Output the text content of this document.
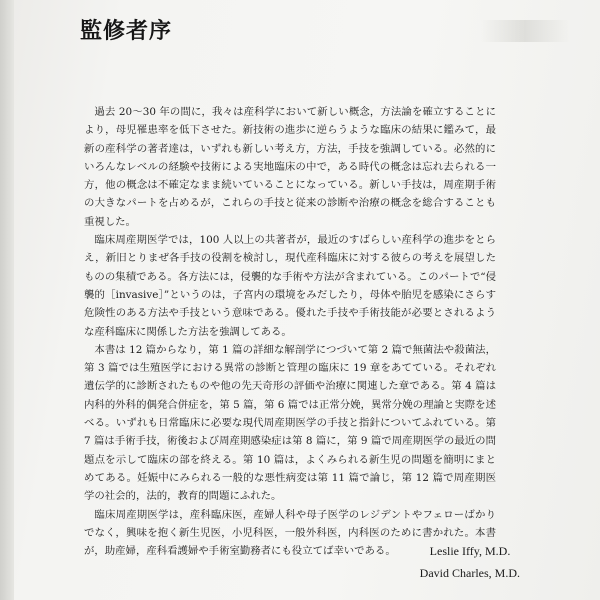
監修者序

過去 20〜30 年の間に，我々は産科学において新しい概念，方法論を確立することにより，母児罹患率を低下させた。新技術の進歩に逆らうような臨床の結果に鑑みて，最新の産科学の著者達は，いずれも新しい考え方，方法，手技を強調している。必然的にいろんなレベルの経験や技術による実地臨床の中で，ある時代の概念は忘れ去られる一方，他の概念は不確定なまま続いていることになっている。新しい手技は，周産期手術の大きなパートを占めるが，これらの手技と従来の診断や治療の概念を総合することも重視した。

臨床周産期医学では，100 人以上の共著者が，最近のすばらしい産科学の進歩をとらえ，新旧とりまぜ各手技の役割を検討し，現代産科臨床に対する彼らの考えを展望したものの集積である。各方法には，侵襲的な手術や方法が含まれている。このパートで“侵襲的［invasive］”というのは，子宮内の環境をみだしたり，母体や胎児を感染にさらす危険性のある方法や手技という意味である。優れた手技や手術技能が必要とされるような産科臨床に関係した方法を強調してある。

本書は 12 篇からなり，第 1 篇の詳細な解剖学につづいて第 2 篇で無菌法や殺菌法，第 3 篇では生殖医学における異常の診断と管理の臨床に 19 章をあてている。それぞれ遺伝学的に診断されたものや他の先天奇形の評価や治療に関連した章である。第 4 篇は内科的外科的偶発合併症を，第 5 篇，第 6 篇では正常分娩，異常分娩の理論と実際を述べる。いずれも日常臨床に必要な現代周産期医学の手技と指針についてふれている。第 7 篇は手術手技，術後および周産期感染症は第 8 篇に，第 9 篇で周産期医学の最近の問題点を示して臨床の部を終える。第 10 篇は，よくみられる新生児の問題を簡明にまとめてある。妊娠中にみられる一般的な悪性病変は第 11 篇で論じ，第 12 篇で周産期医学の社会的，法的，教育的問題にふれた。

臨床周産期医学は，産科臨床医，産婦人科や母子医学のレジデントやフェローばかりでなく，興味を抱く新生児医，小児科医，一般外科医，内科医のために書かれた。本書が，助産婦，産科看護婦や手術室勤務者にも役立てば幸いである。	Leslie Iffy, M.D.

David Charles, M.D.
